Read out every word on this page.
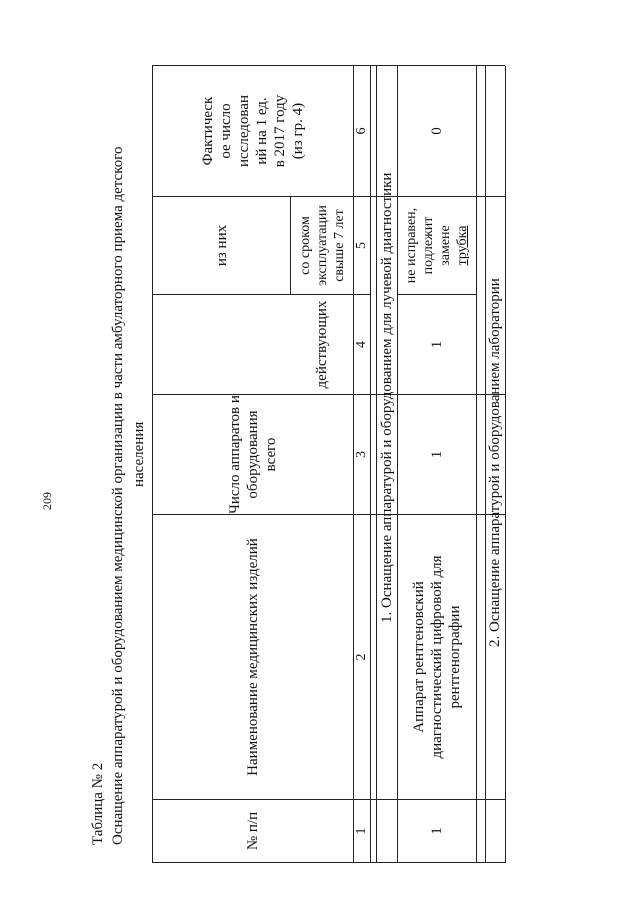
209
Таблица № 2 Оснащение аппаратурой и оборудованием медицинской организации в части амбулаторного приема детского населения
№ п/п
Наименование медицинских изделий
Число аппаратов и оборудования всего
из них
действующих
со сроком эксплуатации свыше 7 лет
Фактическ ое число исследован ий на 1 ед. в 2017 году (из гр. 4)
1
2
3
4
5
6
1. Оснащение аппаратурой и оборудованием для лучевой диагностики
1
Аппарат рентгеновский диагностический цифровой для рентгенографии
1
1
не исправен, подлежит замене трубка
0
2. Оснащение аппаратурой и оборудованием лаборатории
